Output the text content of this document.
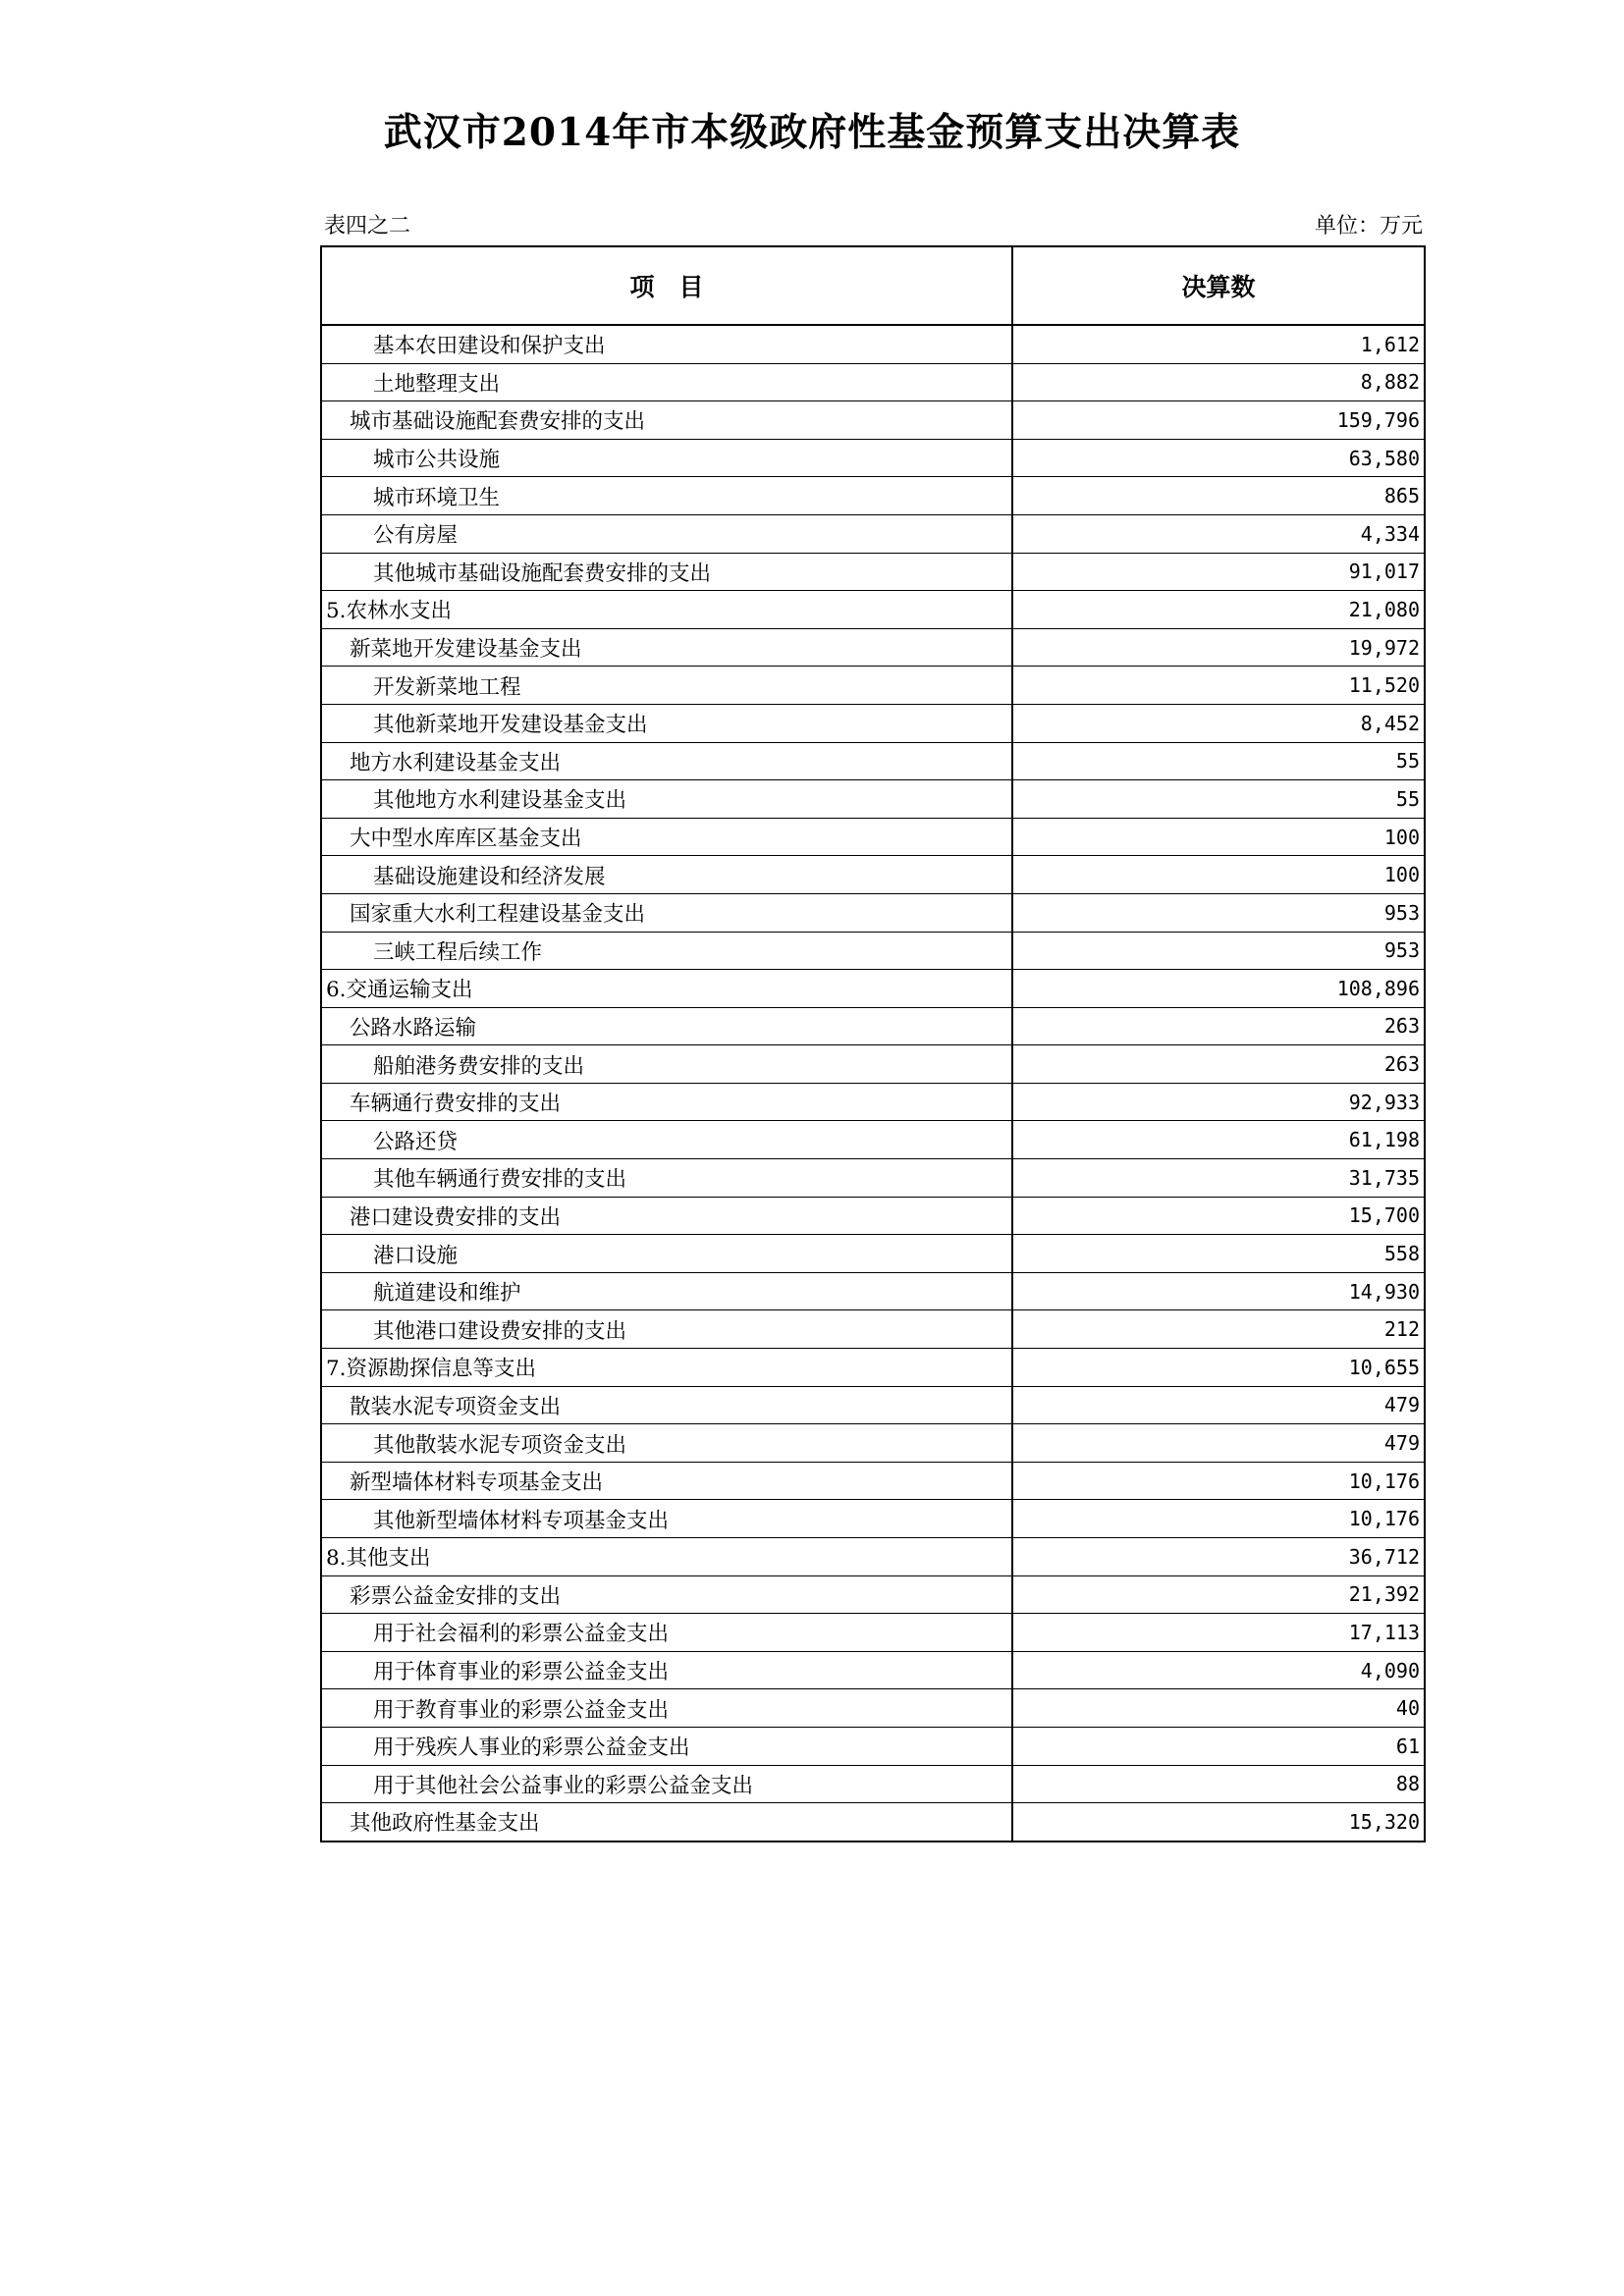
武汉市2014年市本级政府性基金预算支出决算表
表四之二	单位：万元
项　目	决算数
基本农田建设和保护支出	1,612
土地整理支出	8,882
城市基础设施配套费安排的支出	159,796
城市公共设施	63,580
城市环境卫生	865
公有房屋	4,334
其他城市基础设施配套费安排的支出	91,017
5.农林水支出	21,080
新菜地开发建设基金支出	19,972
开发新菜地工程	11,520
其他新菜地开发建设基金支出	8,452
地方水利建设基金支出	55
其他地方水利建设基金支出	55
大中型水库库区基金支出	100
基础设施建设和经济发展	100
国家重大水利工程建设基金支出	953
三峡工程后续工作	953
6.交通运输支出	108,896
公路水路运输	263
船舶港务费安排的支出	263
车辆通行费安排的支出	92,933
公路还贷	61,198
其他车辆通行费安排的支出	31,735
港口建设费安排的支出	15,700
港口设施	558
航道建设和维护	14,930
其他港口建设费安排的支出	212
7.资源勘探信息等支出	10,655
散装水泥专项资金支出	479
其他散装水泥专项资金支出	479
新型墙体材料专项基金支出	10,176
其他新型墙体材料专项基金支出	10,176
8.其他支出	36,712
彩票公益金安排的支出	21,392
用于社会福利的彩票公益金支出	17,113
用于体育事业的彩票公益金支出	4,090
用于教育事业的彩票公益金支出	40
用于残疾人事业的彩票公益金支出	61
用于其他社会公益事业的彩票公益金支出	88
其他政府性基金支出	15,320
